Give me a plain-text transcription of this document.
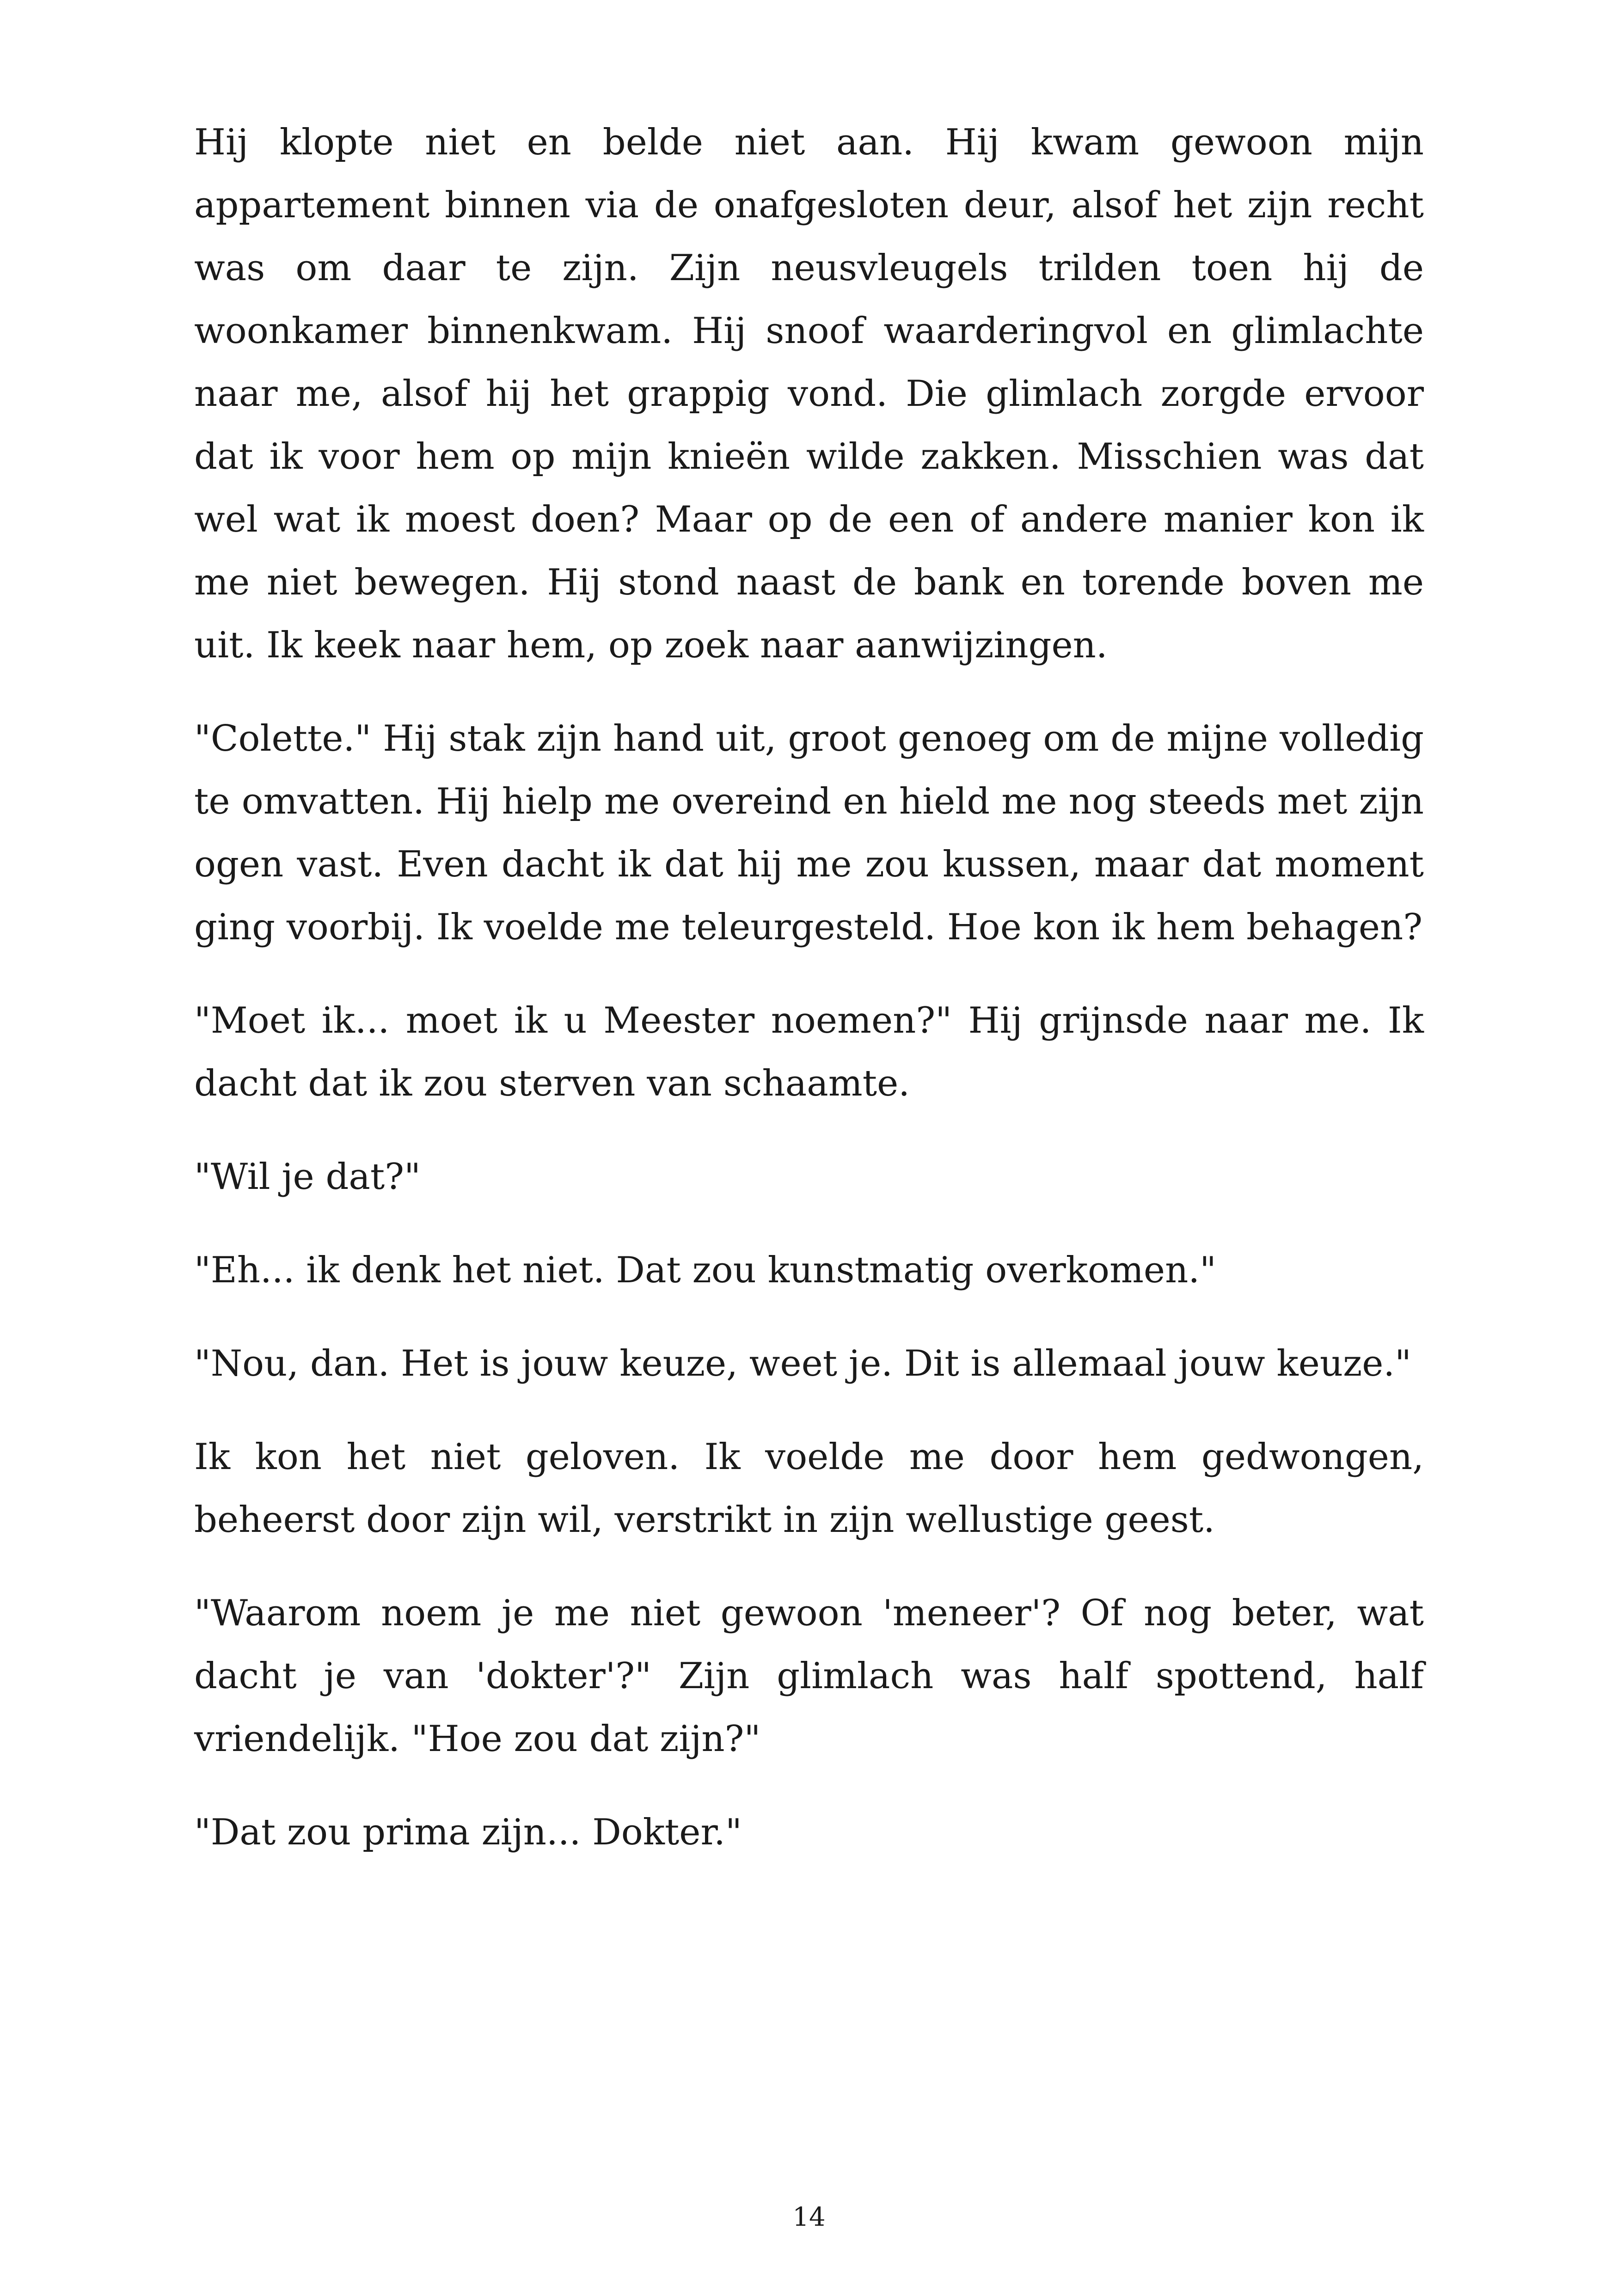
Hij klopte niet en belde niet aan. Hij kwam gewoon mijn appartement binnen via de onafgesloten deur, alsof het zijn recht was om daar te zijn. Zijn neusvleugels trilden toen hij de woonkamer binnenkwam. Hij snoof waarderingvol en glimlachte naar me, alsof hij het grappig vond. Die glimlach zorgde ervoor dat ik voor hem op mijn knieën wilde zakken. Misschien was dat wel wat ik moest doen? Maar op de een of andere manier kon ik me niet bewegen. Hij stond naast de bank en torende boven me uit. Ik keek naar hem, op zoek naar aanwijzingen.

"Colette." Hij stak zijn hand uit, groot genoeg om de mijne volledig te omvatten. Hij hielp me overeind en hield me nog steeds met zijn ogen vast. Even dacht ik dat hij me zou kussen, maar dat moment ging voorbij. Ik voelde me teleurgesteld. Hoe kon ik hem behagen?

"Moet ik... moet ik u Meester noemen?" Hij grijnsde naar me. Ik dacht dat ik zou sterven van schaamte.

"Wil je dat?"

"Eh... ik denk het niet. Dat zou kunstmatig overkomen."

"Nou, dan. Het is jouw keuze, weet je. Dit is allemaal jouw keuze."

Ik kon het niet geloven. Ik voelde me door hem gedwongen, beheerst door zijn wil, verstrikt in zijn wellustige geest.

"Waarom noem je me niet gewoon 'meneer'? Of nog beter, wat dacht je van 'dokter'?" Zijn glimlach was half spottend, half vriendelijk. "Hoe zou dat zijn?"

"Dat zou prima zijn... Dokter."

14
